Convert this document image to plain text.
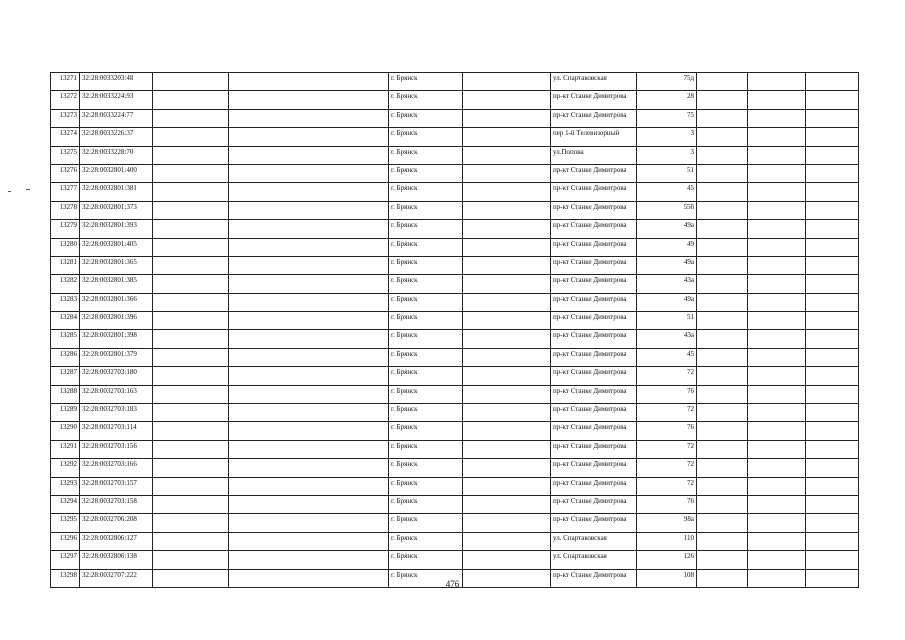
13271	32:28:0033203:48			г. Брянск		ул. Спартаковская	75д			
13272	32:28:0033224:93			г. Брянск		пр-кт Станке Димитрова	28			
13273	32:28:0033224:77			г. Брянск		пр-кт Станке Димитрова	75			
13274	32:28:0033226:37			г. Брянск		пер 1-й Телевизорный	3			
13275	32:28:0033228:70			г. Брянск		ул.Попова	3			
13276	32:28:0032801:400			г. Брянск		пр-кт Станке Димитрова	51			
13277	32:28:0032801:381			г. Брянск		пр-кт Станке Димитрова	45			
13278	32:28:0032801:373			г. Брянск		пр-кт Станке Димитрова	55б			
13279	32:28:0032801:393			г. Брянск		пр-кт Станке Димитрова	49а			
13280	32:28:0032801:405			г. Брянск		пр-кт Станке Димитрова	49			
13281	32:28:0032801:365			г. Брянск		пр-кт Станке Димитрова	49а			
13282	32:28:0032801:385			г. Брянск		пр-кт Станке Димитрова	43а			
13283	32:28:0032801:366			г. Брянск		пр-кт Станке Димитрова	49а			
13284	32:28:0032801:396			г. Брянск		пр-кт Станке Димитрова	51			
13285	32:28:0032801:398			г. Брянск		пр-кт Станке Димитрова	43а			
13286	32:28:0032801:379			г. Брянск		пр-кт Станке Димитрова	45			
13287	32:28:0032703:180			г. Брянск		пр-кт Станке Димитрова	72			
13288	32:28:0032703:163			г. Брянск		пр-кт Станке Димитрова	76			
13289	32:28:0032703:183			г. Брянск		пр-кт Станке Димитрова	72			
13290	32:28:0032703:114			г. Брянск		пр-кт Станке Димитрова	76			
13291	32:28:0032703:156			г. Брянск		пр-кт Станке Димитрова	72			
13292	32:28:0032703:166			г. Брянск		пр-кт Станке Димитрова	72			
13293	32:28:0032703:157			г. Брянск		пр-кт Станке Димитрова	72			
13294	32:28:0032703:158			г. Брянск		пр-кт Станке Димитрова	76			
13295	32:28:0032706:208			г. Брянск		пр-кт Станке Димитрова	98а			
13296	32:28:0032806:127			г. Брянск		ул. Спартаковская	110			
13297	32:28:0032806:138			г. Брянск		ул. Спартаковская	126			
13298	32:28:0032707:222			г. Брянск		пр-кт Станке Димитрова	108			
476
